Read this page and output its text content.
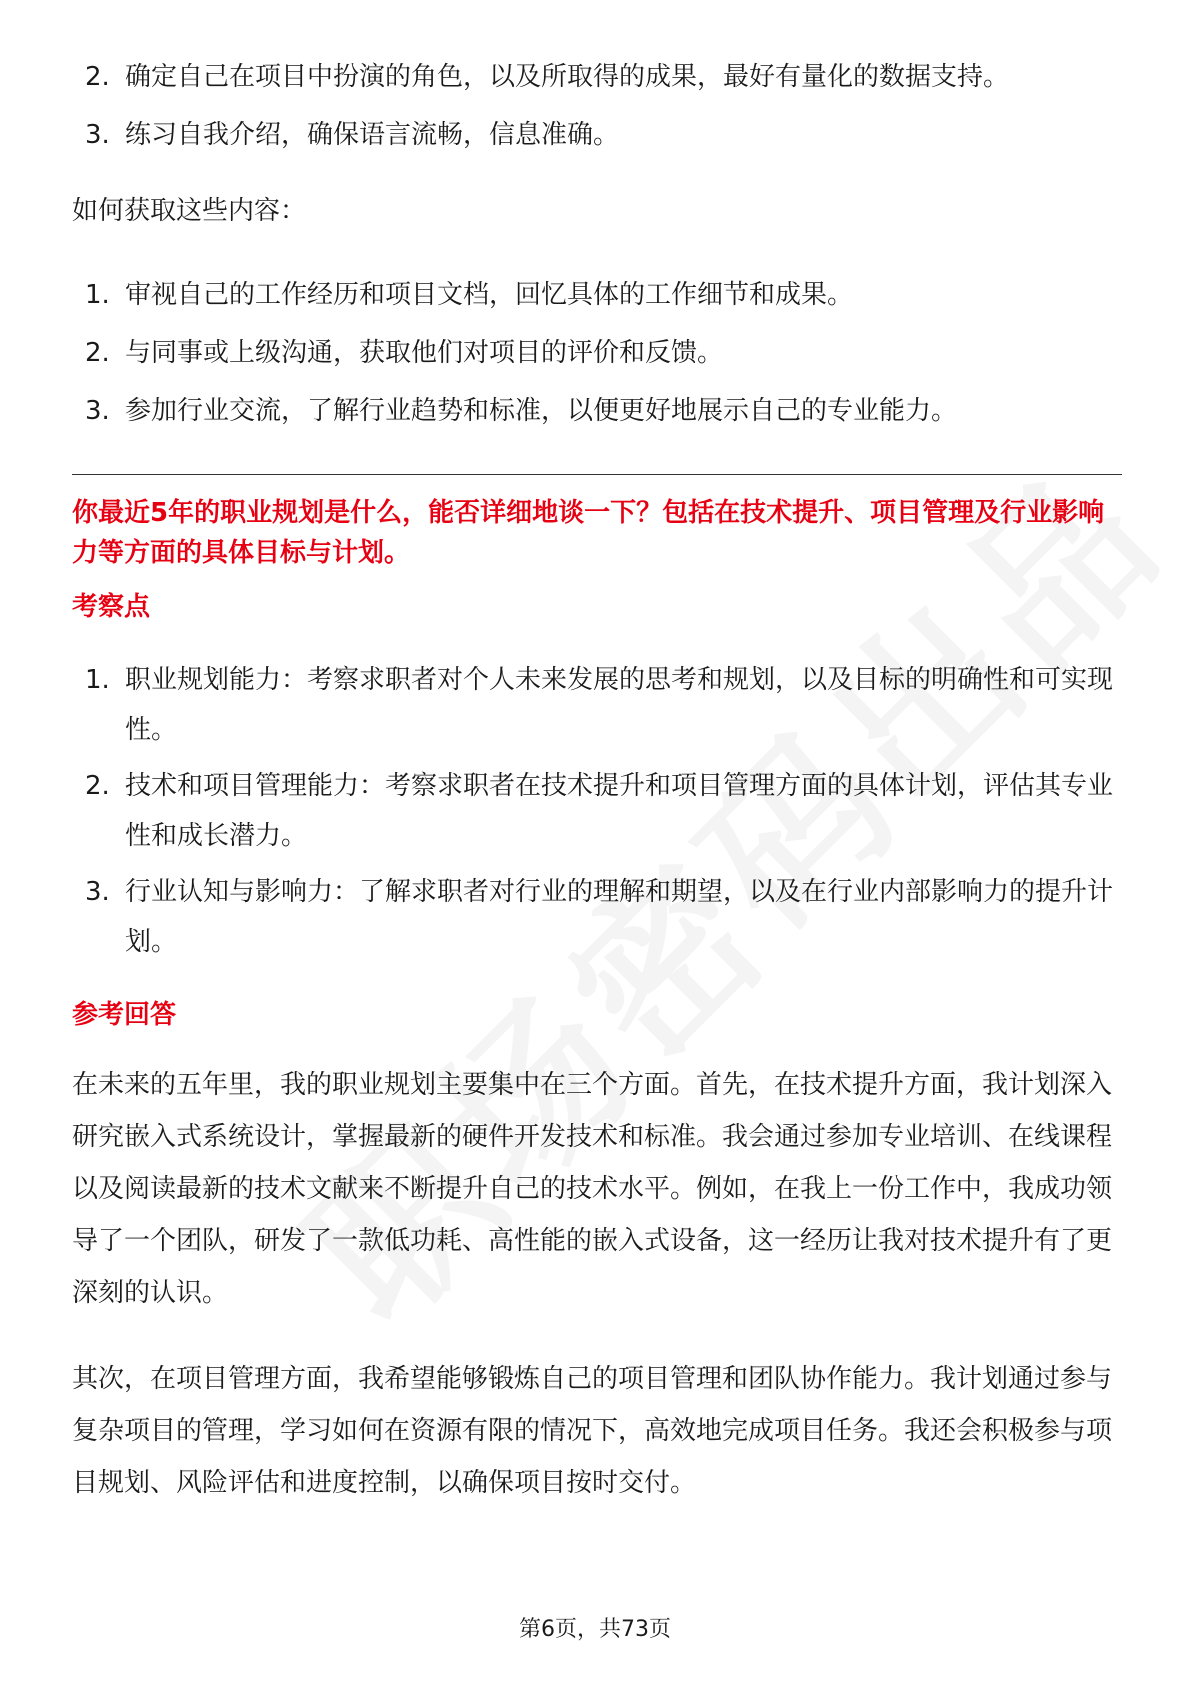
2. 确定自己在项目中扮演的角色，以及所取得的成果，最好有量化的数据支持。
3. 练习自我介绍，确保语言流畅，信息准确。

如何获取这些内容：

1. 审视自己的工作经历和项目文档，回忆具体的工作细节和成果。
2. 与同事或上级沟通，获取他们对项目的评价和反馈。
3. 参加行业交流，了解行业趋势和标准，以便更好地展示自己的专业能力。

你最近5年的职业规划是什么，能否详细地谈一下？包括在技术提升、项目管理及行业影响力等方面的具体目标与计划。

考察点

1. 职业规划能力：考察求职者对个人未来发展的思考和规划，以及目标的明确性和可实现性。
2. 技术和项目管理能力：考察求职者在技术提升和项目管理方面的具体计划，评估其专业性和成长潜力。
3. 行业认知与影响力：了解求职者对行业的理解和期望，以及在行业内部影响力的提升计划。

参考回答

在未来的五年里，我的职业规划主要集中在三个方面。首先，在技术提升方面，我计划深入研究嵌入式系统设计，掌握最新的硬件开发技术和标准。我会通过参加专业培训、在线课程以及阅读最新的技术文献来不断提升自己的技术水平。例如，在我上一份工作中，我成功领导了一个团队，研发了一款低功耗、高性能的嵌入式设备，这一经历让我对技术提升有了更深刻的认识。

其次，在项目管理方面，我希望能够锻炼自己的项目管理和团队协作能力。我计划通过参与复杂项目的管理，学习如何在资源有限的情况下，高效地完成项目任务。我还会积极参与项目规划、风险评估和进度控制，以确保项目按时交付。

第6页，共73页
